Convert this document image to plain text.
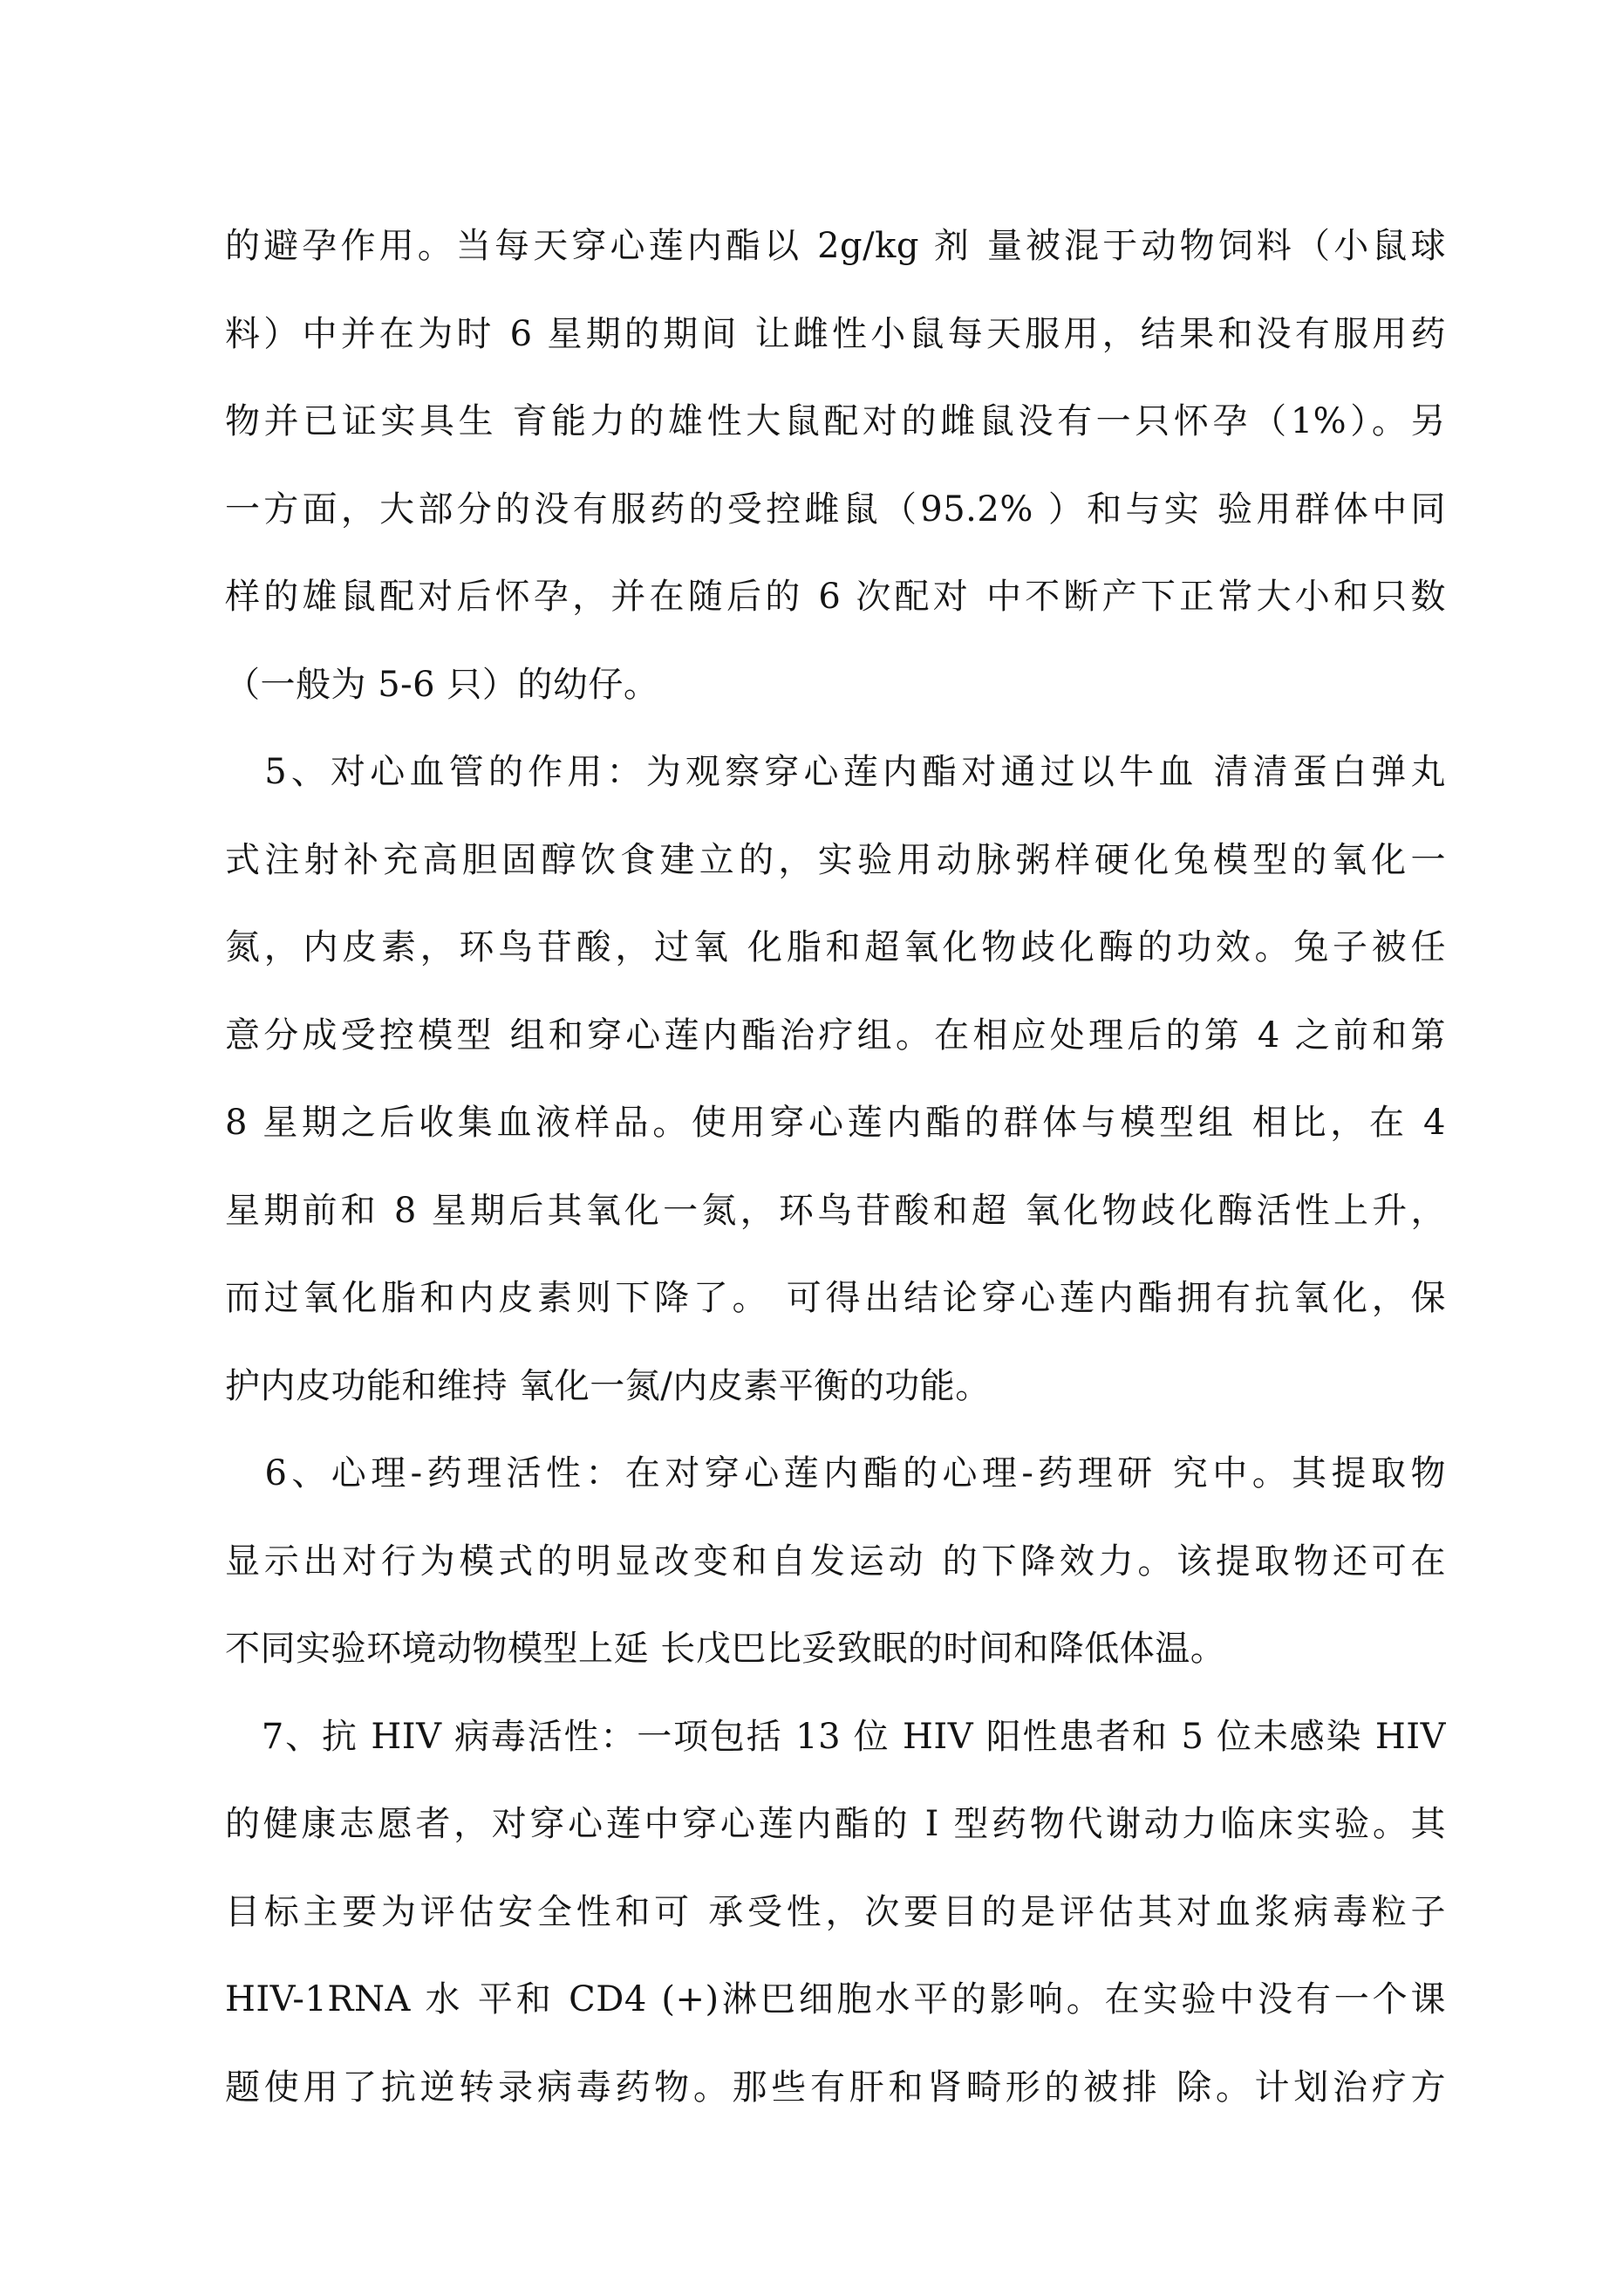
的避孕作用。当每天穿心莲内酯以 2g/kg 剂 量被混于动物饲料（小鼠球
料）中并在为时 6 星期的期间 让雌性小鼠每天服用，结果和没有服用药
物并已证实具生 育能力的雄性大鼠配对的雌鼠没有一只怀孕（1%）。另
一方面，大部分的没有服药的受控雌鼠（95.2% ）和与实 验用群体中同
样的雄鼠配对后怀孕，并在随后的 6 次配对 中不断产下正常大小和只数
（一般为 5-6 只）的幼仔。
　5、对心血管的作用：为观察穿心莲内酯对通过以牛血 清清蛋白弹丸
式注射补充高胆固醇饮食建立的，实验用动脉粥样硬化兔模型的氧化一
氮，内皮素，环鸟苷酸，过氧 化脂和超氧化物歧化酶的功效。兔子被任
意分成受控模型 组和穿心莲内酯治疗组。在相应处理后的第 4 之前和第
8 星期之后收集血液样品。使用穿心莲内酯的群体与模型组 相比，在 4
星期前和 8 星期后其氧化一氮，环鸟苷酸和超 氧化物歧化酶活性上升，
而过氧化脂和内皮素则下降了。 可得出结论穿心莲内酯拥有抗氧化，保
护内皮功能和维持 氧化一氮/内皮素平衡的功能。
　6、心理-药理活性：在对穿心莲内酯的心理-药理研 究中。其提取物
显示出对行为模式的明显改变和自发运动 的下降效力。该提取物还可在
不同实验环境动物模型上延 长戊巴比妥致眠的时间和降低体温。
　7、抗 HIV 病毒活性：一项包括 13 位 HIV 阳性患者和 5 位未感染 HIV
的健康志愿者，对穿心莲中穿心莲内酯的 I 型药物代谢动力临床实验。其
目标主要为评估安全性和可 承受性，次要目的是评估其对血浆病毒粒子
HIV-1RNA 水 平和 CD4 (+)淋巴细胞水平的影响。在实验中没有一个课
题使用了抗逆转录病毒药物。那些有肝和肾畸形的被排 除。计划治疗方
